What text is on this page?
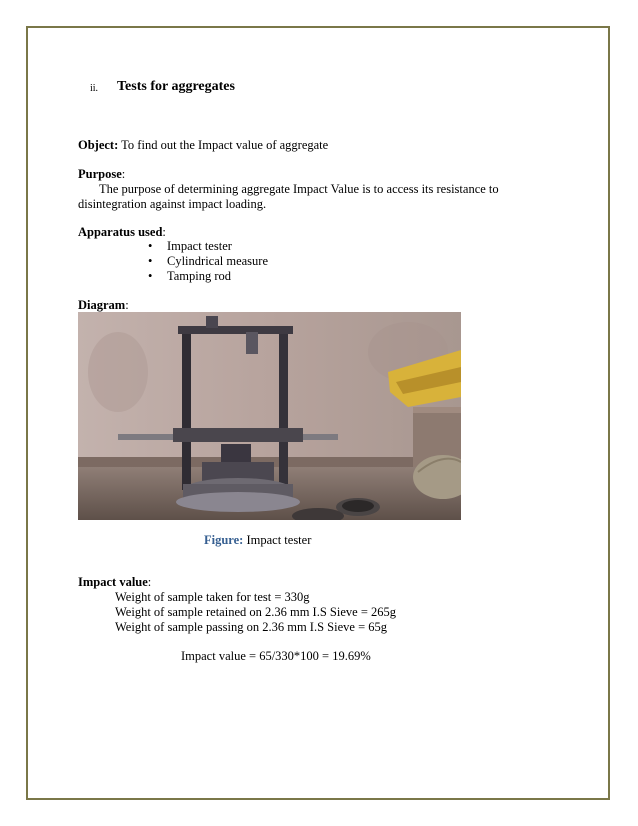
ii. Tests for aggregates
Object: To find out the Impact value of aggregate
Purpose:
The purpose of determining aggregate Impact Value is to access its resistance to
disintegration against impact loading.
Apparatus used:
• Impact tester
• Cylindrical measure
• Tamping rod
Diagram:
Figure: Impact tester
Impact value:
Weight of sample taken for test = 330g
Weight of sample retained on 2.36 mm I.S Sieve = 265g
Weight of sample passing on 2.36 mm I.S Sieve = 65g
Impact value = 65/330*100 = 19.69%
